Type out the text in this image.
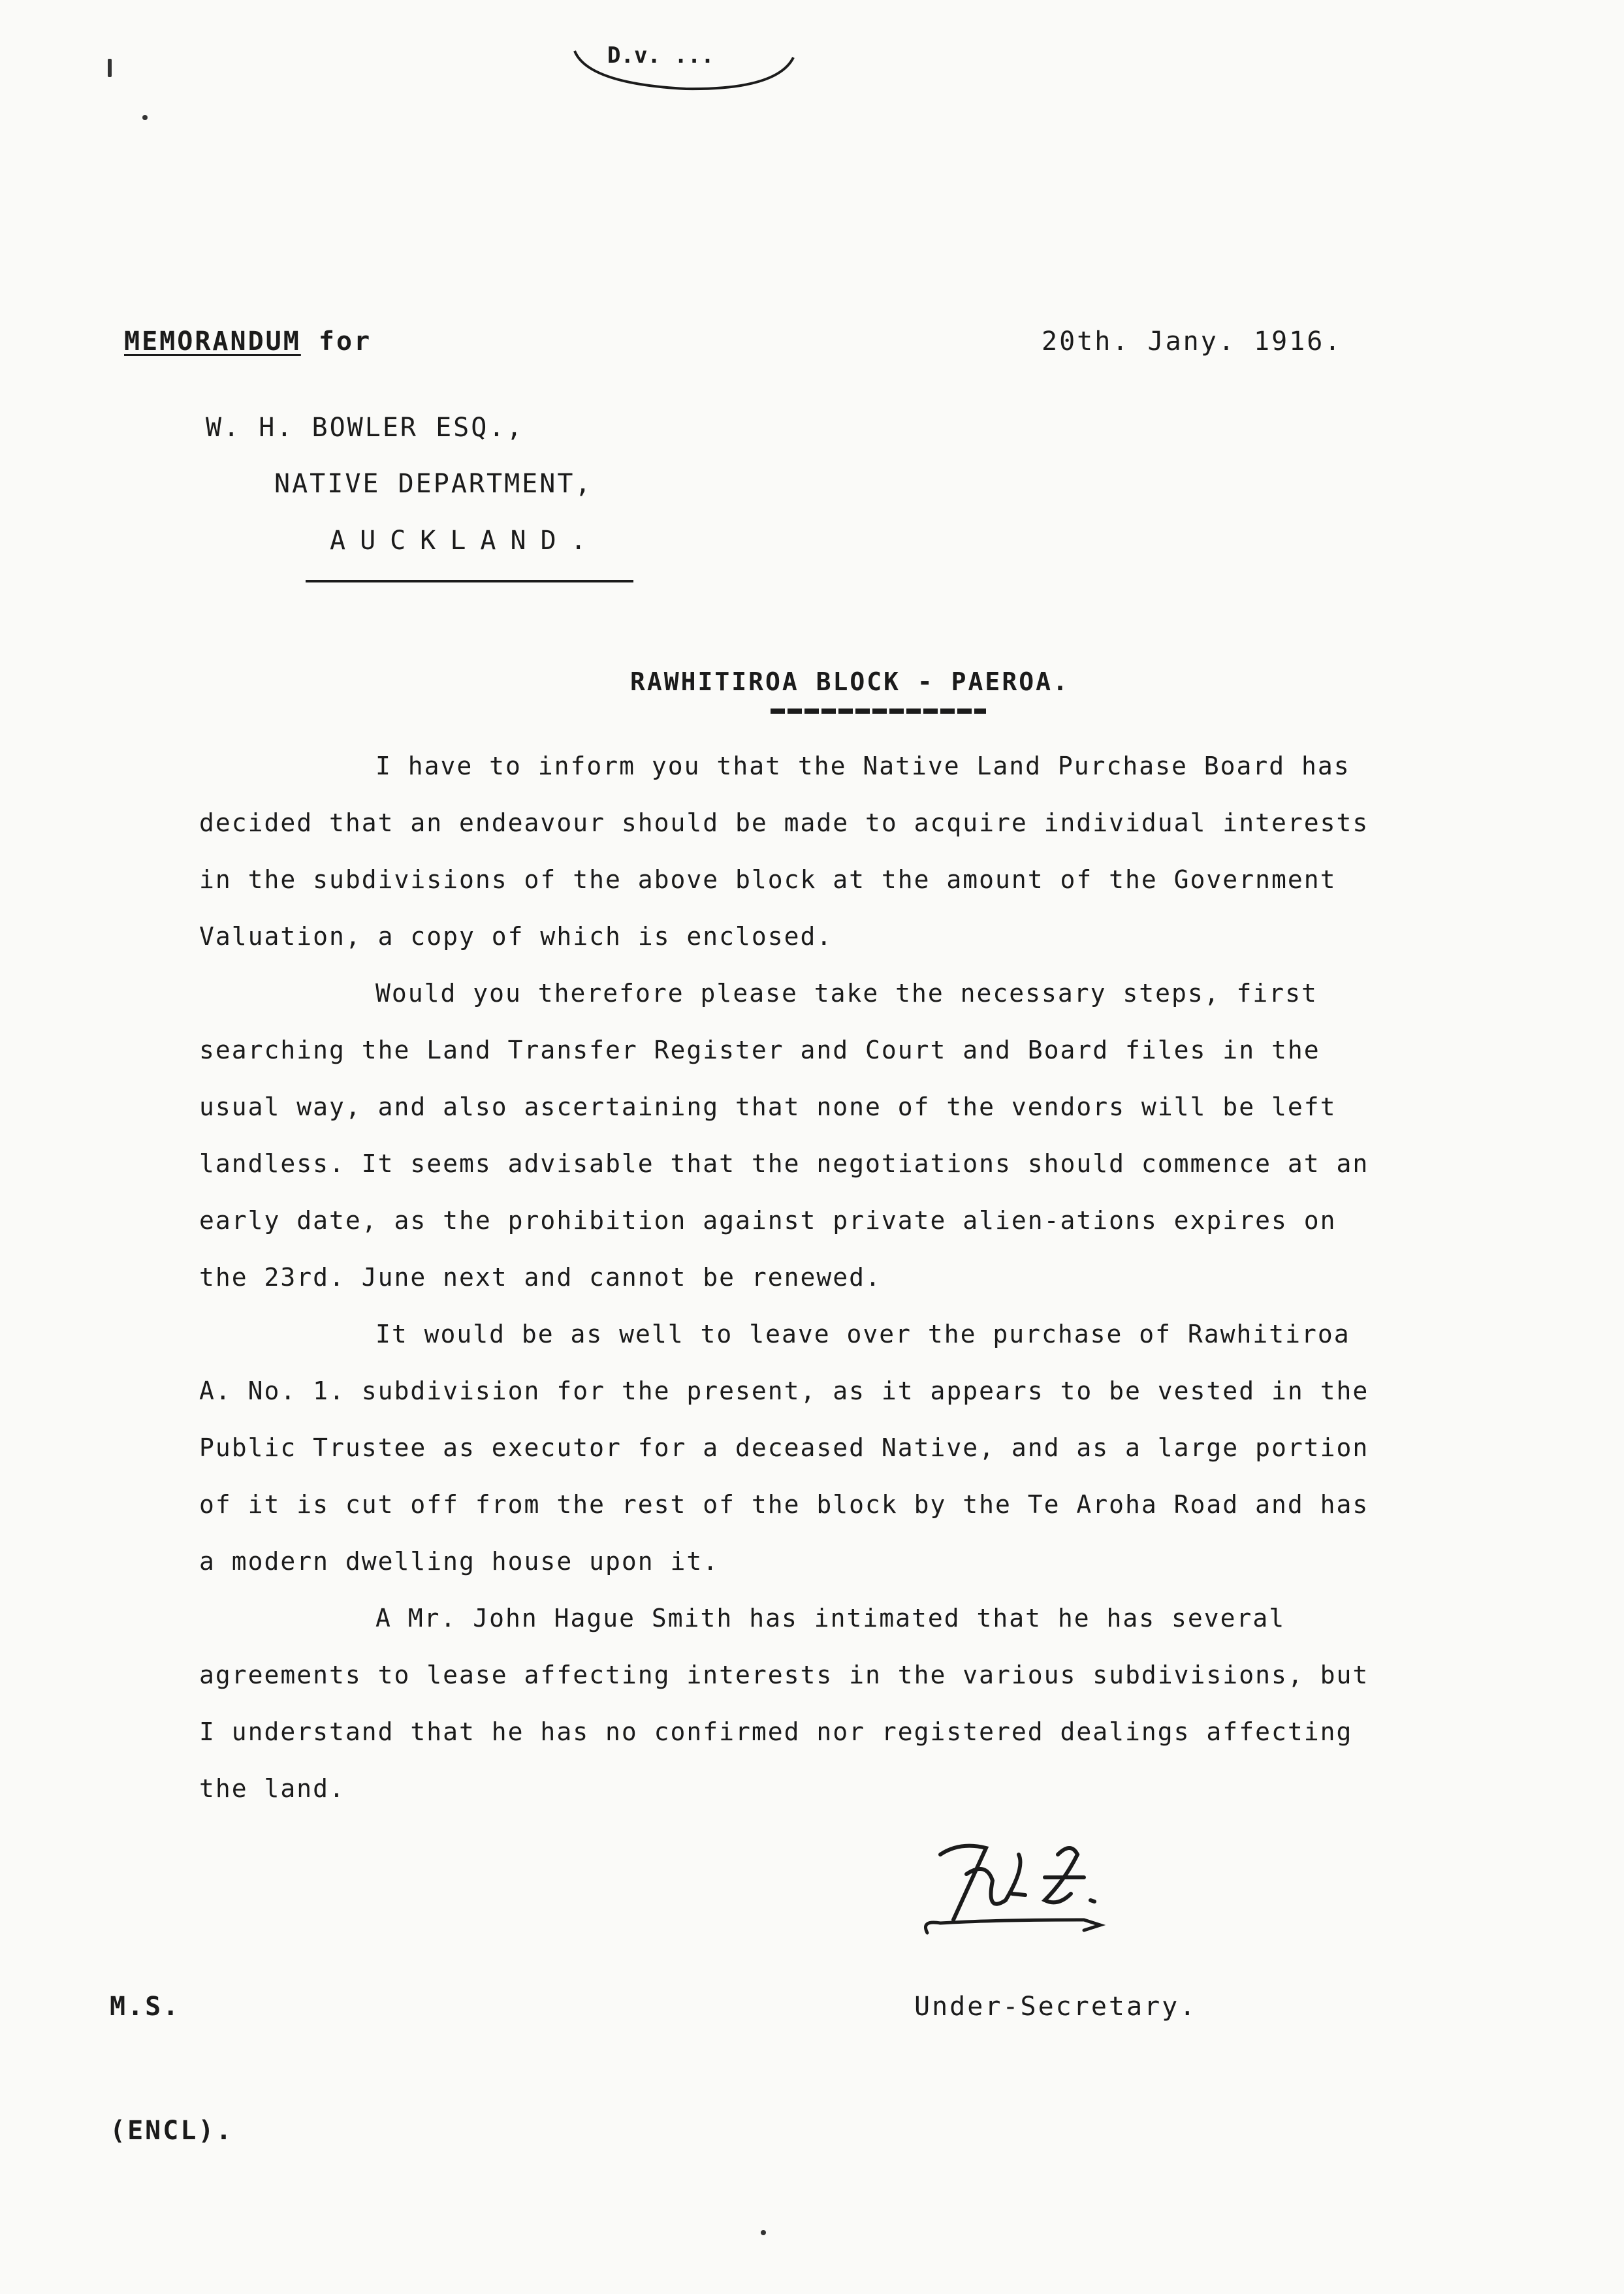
D.v. ...
MEMORANDUM for	20th. Jany. 1916.
W. H. BOWLER ESQ.,
NATIVE DEPARTMENT,
AUCKLAND.
RAWHITIROA BLOCK - PAEROA.

I have to inform you that the Native Land Purchase Board has decided that an endeavour should be made to acquire individual interests in the subdivisions of the above block at the amount of the Government Valuation, a copy of which is enclosed.

Would you therefore please take the necessary steps, first searching the Land Transfer Register and Court and Board files in the usual way, and also ascertaining that none of the vendors will be left landless. It seems advisable that the negotiations should commence at an early date, as the prohibition against private alien-ations expires on the 23rd. June next and cannot be renewed.

It would be as well to leave over the purchase of Rawhitiroa A. No. 1. subdivision for the present, as it appears to be vested in the Public Trustee as executor for a deceased Native, and as a large portion of it is cut off from the rest of the block by the Te Aroha Road and has a modern dwelling house upon it.

A Mr. John Hague Smith has intimated that he has several agreements to lease affecting interests in the various subdivisions, but I understand that he has no confirmed nor registered dealings affecting the land.

W.S.
Under-Secretary.
M.S.
(ENCL).
